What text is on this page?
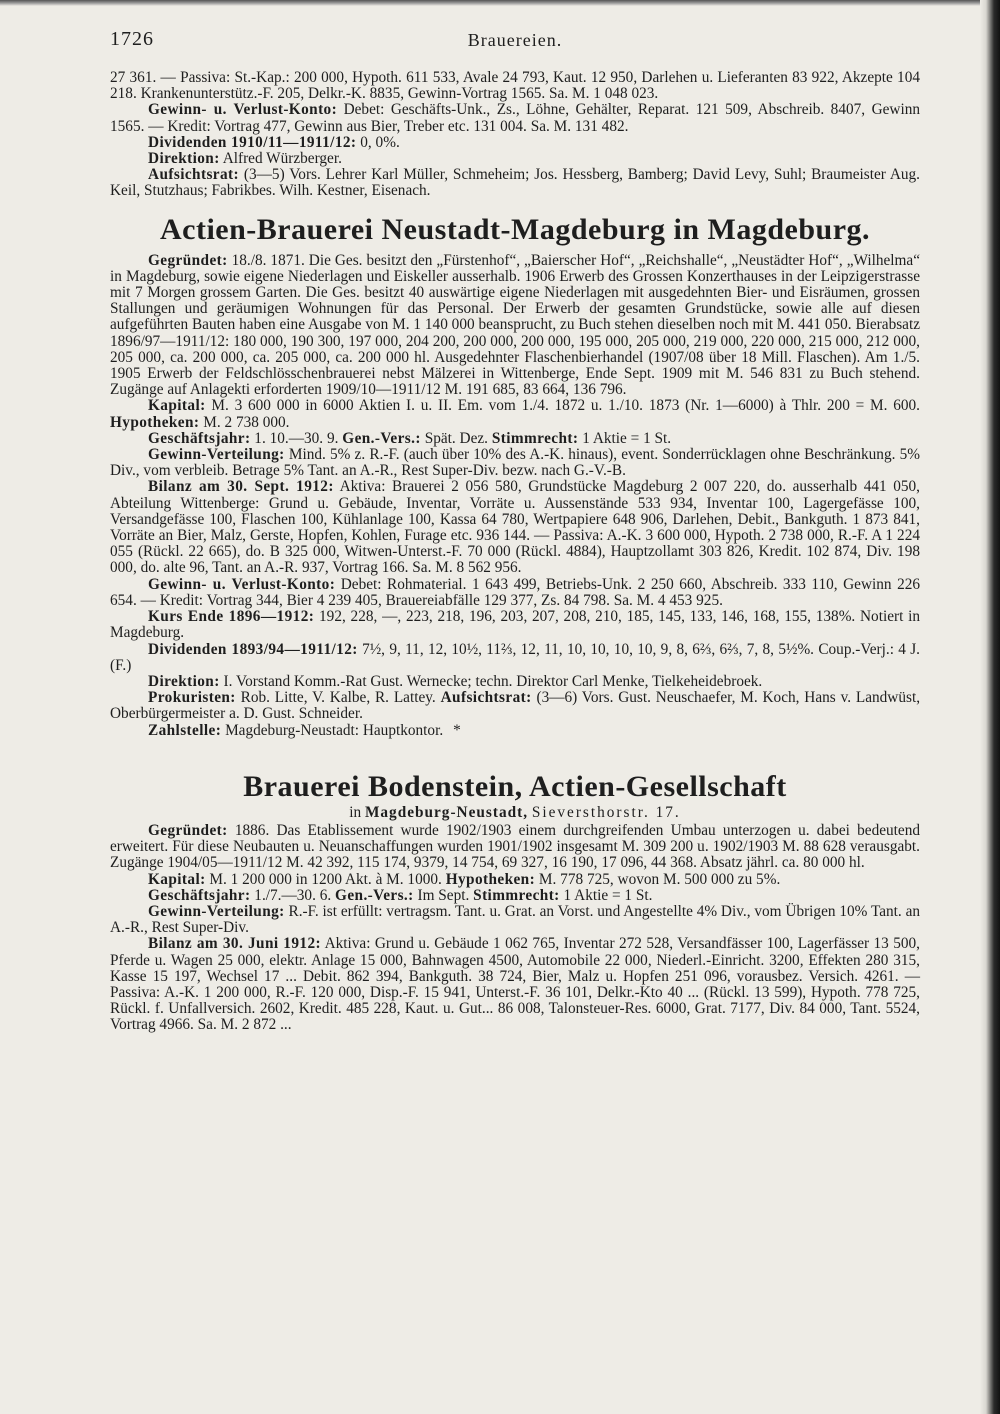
1726	Brauereien.

27 361. — Passiva: St.-Kap.: 200 000, Hypoth. 611 533, Avale 24 793, Kaut. 12 950, Darlehen u. Lieferanten 83 922, Akzepte 104 218. Krankenunterstütz.-F. 205, Delkr.-K. 8835, Gewinn-Vortrag 1565. Sa. M. 1 048 023.

Gewinn- u. Verlust-Konto: Debet: Geschäfts-Unk., Zs., Löhne, Gehälter, Reparat. 121 509, Abschreib. 8407, Gewinn 1565. — Kredit: Vortrag 477, Gewinn aus Bier, Treber etc. 131 004. Sa. M. 131 482.

Dividenden 1910/11—1911/12: 0, 0%.

Direktion: Alfred Würzberger.

Aufsichtsrat: (3—5) Vors. Lehrer Karl Müller, Schmeheim; Jos. Hessberg, Bamberg; David Levy, Suhl; Braumeister Aug. Keil, Stutzhaus; Fabrikbes. Wilh. Kestner, Eisenach.

Actien-Brauerei Neustadt-Magdeburg in Magdeburg.

Gegründet: 18./8. 1871. Die Ges. besitzt den „Fürstenhof“, „Baierscher Hof“, „Reichshalle“, „Neustädter Hof“, „Wilhelma“ in Magdeburg, sowie eigene Niederlagen und Eiskeller ausserhalb. 1906 Erwerb des Grossen Konzerthauses in der Leipzigerstrasse mit 7 Morgen grossem Garten. Die Ges. besitzt 40 auswärtige eigene Niederlagen mit ausgedehnten Bier- und Eisräumen, grossen Stallungen und geräumigen Wohnungen für das Personal. Der Erwerb der gesamten Grundstücke, sowie alle auf diesen aufgeführten Bauten haben eine Ausgabe von M. 1 140 000 beansprucht, zu Buch stehen dieselben noch mit M. 441 050. Bierabsatz 1896/97—1911/12: 180 000, 190 300, 197 000, 204 200, 200 000, 200 000, 195 000, 205 000, 219 000, 220 000, 215 000, 212 000, 205 000, ca. 200 000, ca. 205 000, ca. 200 000 hl. Ausgedehnter Flaschenbierhandel (1907/08 über 18 Mill. Flaschen). Am 1./5. 1905 Erwerb der Feldschlösschenbrauerei nebst Mälzerei in Wittenberge, Ende Sept. 1909 mit M. 546 831 zu Buch stehend. Zugänge auf Anlagekti erforderten 1909/10—1911/12 M. 191 685, 83 664, 136 796.

Kapital: M. 3 600 000 in 6000 Aktien I. u. II. Em. vom 1./4. 1872 u. 1./10. 1873 (Nr. 1—6000) à Thlr. 200 = M. 600. Hypotheken: M. 2 738 000.

Geschäftsjahr: 1. 10.—30. 9. Gen.-Vers.: Spät. Dez. Stimmrecht: 1 Aktie = 1 St.

Gewinn-Verteilung: Mind. 5% z. R.-F. (auch über 10% des A.-K. hinaus), event. Sonderrücklagen ohne Beschränkung. 5% Div., vom verbleib. Betrage 5% Tant. an A.-R., Rest Super-Div. bezw. nach G.-V.-B.

Bilanz am 30. Sept. 1912: Aktiva: Brauerei 2 056 580, Grundstücke Magdeburg 2 007 220, do. ausserhalb 441 050, Abteilung Wittenberge: Grund u. Gebäude, Inventar, Vorräte u. Aussenstände 533 934, Inventar 100, Lagergefässe 100, Versandgefässe 100, Flaschen 100, Kühlanlage 100, Kassa 64 780, Wertpapiere 648 906, Darlehen, Debit., Bankguth. 1 873 841, Vorräte an Bier, Malz, Gerste, Hopfen, Kohlen, Furage etc. 936 144. — Passiva: A.-K. 3 600 000, Hypoth. 2 738 000, R.-F. A 1 224 055 (Rückl. 22 665), do. B 325 000, Witwen-Unterst.-F. 70 000 (Rückl. 4884), Hauptzollamt 303 826, Kredit. 102 874, Div. 198 000, do. alte 96, Tant. an A.-R. 937, Vortrag 166. Sa. M. 8 562 956.

Gewinn- u. Verlust-Konto: Debet: Rohmaterial. 1 643 499, Betriebs-Unk. 2 250 660, Abschreib. 333 110, Gewinn 226 654. — Kredit: Vortrag 344, Bier 4 239 405, Brauereiabfälle 129 377, Zs. 84 798. Sa. M. 4 453 925.

Kurs Ende 1896—1912: 192, 228, —, 223, 218, 196, 203, 207, 208, 210, 185, 145, 133, 146, 168, 155, 138%. Notiert in Magdeburg.

Dividenden 1893/94—1911/12: 7½, 9, 11, 12, 10½, 11⅔, 12, 11, 10, 10, 10, 10, 9, 8, 6⅔, 6⅔, 7, 8, 5½%. Coup.-Verj.: 4 J. (F.)

Direktion: I. Vorstand Komm.-Rat Gust. Wernecke; techn. Direktor Carl Menke, Tielkeheidebroek.

Prokuristen: Rob. Litte, V. Kalbe, R. Lattey. Aufsichtsrat: (3—6) Vors. Gust. Neuschaefer, M. Koch, Hans v. Landwüst, Oberbürgermeister a. D. Gust. Schneider.

Zahlstelle: Magdeburg-Neustadt: Hauptkontor. *

Brauerei Bodenstein, Actien-Gesellschaft

in Magdeburg-Neustadt, Sieversthorstr. 17.

Gegründet: 1886. Das Etablissement wurde 1902/1903 einem durchgreifenden Umbau unterzogen u. dabei bedeutend erweitert. Für diese Neubauten u. Neuanschaffungen wurden 1901/1902 insgesamt M. 309 200 u. 1902/1903 M. 88 628 verausgabt. Zugänge 1904/05—1911/12 M. 42 392, 115 174, 9379, 14 754, 69 327, 16 190, 17 096, 44 368. Absatz jährl. ca. 80 000 hl.

Kapital: M. 1 200 000 in 1200 Akt. à M. 1000. Hypotheken: M. 778 725, wovon M. 500 000 zu 5%.

Geschäftsjahr: 1./7.—30. 6. Gen.-Vers.: Im Sept. Stimmrecht: 1 Aktie = 1 St.

Gewinn-Verteilung: R.-F. ist erfüllt: vertragsm. Tant. u. Grat. an Vorst. und Angestellte 4% Div., vom Übrigen 10% Tant. an A.-R., Rest Super-Div.

Bilanz am 30. Juni 1912: Aktiva: Grund u. Gebäude 1 062 765, Inventar 272 528, Versandfässer 100, Lagerfässer 13 500, Pferde u. Wagen 25 000, elektr. Anlage 15 000, Bahnwagen 4500, Automobile 22 000, Niederl.-Einricht. 3200, Effekten 280 315, Kasse 15 197, Wechsel 17 ... Debit. 862 394, Bankguth. 38 724, Bier, Malz u. Hopfen 251 096, vorausbez. Versich. 4261. — Passiva: A.-K. 1 200 000, R.-F. 120 000, Disp.-F. 15 941, Unterst.-F. 36 101, Delkr.-Kto 40 ... (Rückl. 13 599), Hypoth. 778 725, Rückl. f. Unfallversich. 2602, Kredit. 485 228, Kaut. u. Gut... 86 008, Talonsteuer-Res. 6000, Grat. 7177, Div. 84 000, Tant. 5524, Vortrag 4966. Sa. M. 2 872 ...
